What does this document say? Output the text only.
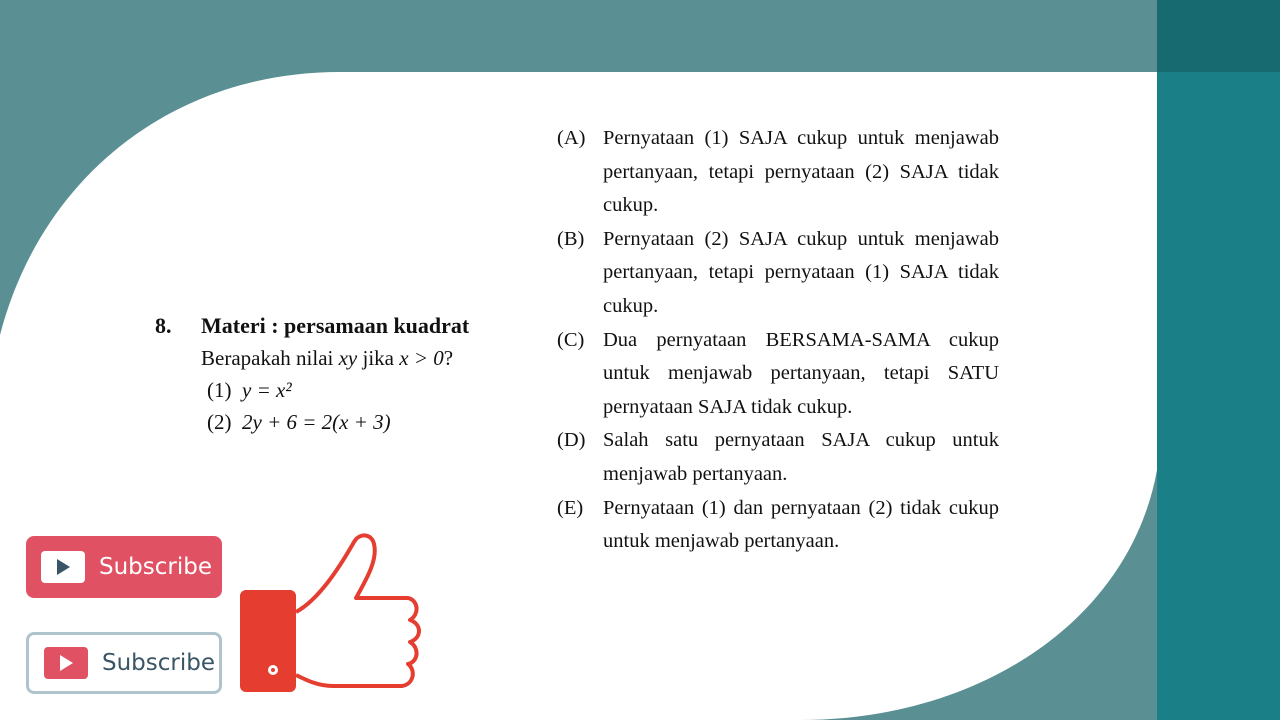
8. Materi : persamaan kuadrat
Berapakah nilai xy jika x > 0?
(1) y = x²
(2) 2y + 6 = 2(x + 3)
(A) Pernyataan (1) SAJA cukup untuk menjawab pertanyaan, tetapi pernyataan (2) SAJA tidak cukup.
(B) Pernyataan (2) SAJA cukup untuk menjawab pertanyaan, tetapi pernyataan (1) SAJA tidak cukup.
(C) Dua pernyataan BERSAMA-SAMA cukup untuk menjawab pertanyaan, tetapi SATU pernyataan SAJA tidak cukup.
(D) Salah satu pernyataan SAJA cukup untuk menjawab pertanyaan.
(E) Pernyataan (1) dan pernyataan (2) tidak cukup untuk menjawab pertanyaan.
Subscribe
Subscribe
